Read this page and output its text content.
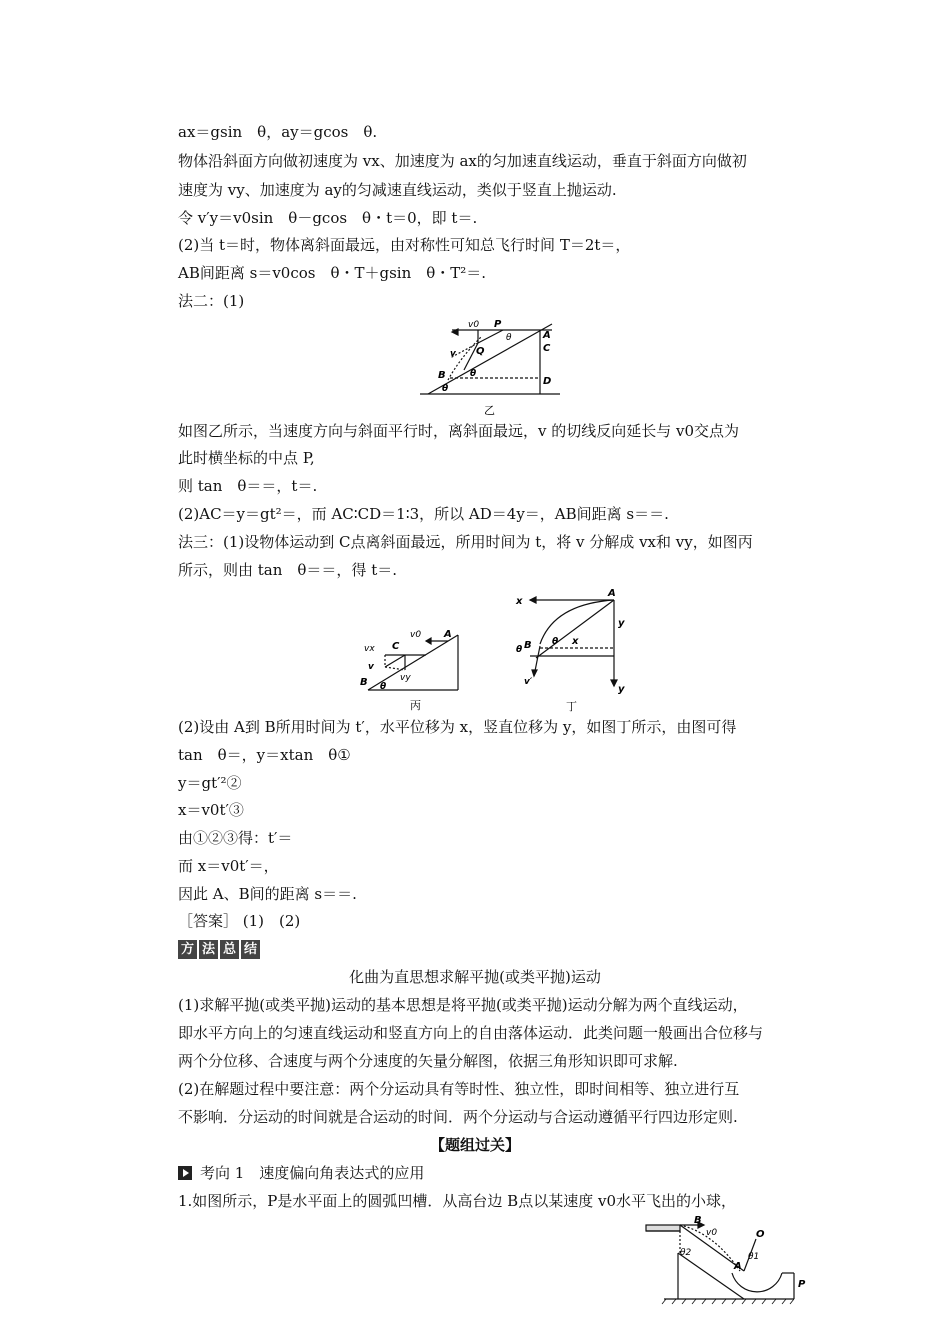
ax＝gsin　θ，ay＝gcos　θ.
物体沿斜面方向做初速度为 vx、加速度为 ax的匀加速直线运动，垂直于斜面方向做初
速度为 vy、加速度为 ay的匀减速直线运动，类似于竖直上抛运动.
令 v′y＝v0sin　θ－gcos　θ・t＝0，即 t＝.
(2)当 t＝时，物体离斜面最远，由对称性可知总飞行时间 T＝2t＝，
AB间距离 s＝v0cos　θ・T＋gsin　θ・T²＝.
法二：(1)
v0 P
θ	A
v Q	C
θ
B
D
θ
乙
如图乙所示，当速度方向与斜面平行时，离斜面最远，v 的切线反向延长与 v0交点为
此时横坐标的中点 P,
则 tan　θ＝＝，t＝.
(2)AC＝y＝gt²＝，而 AC∶CD＝1∶3，所以 AD＝4y＝，AB间距离 s＝＝.
法三：(1)设物体运动到 C点离斜面最远，所用时间为 t，将 v 分解成 vx和 vy，如图丙
所示，则由 tan　θ＝＝，得 t＝.
vx
v0
C
A
v
vy
B θ
丙
x
A
y
x
θ
θ B
v′
y
丁
(2)设由 A到 B所用时间为 t′，水平位移为 x，竖直位移为 y，如图丁所示，由图可得
tan　θ＝，y＝xtan　θ①
y＝gt′²②
x＝v0t′③
由①②③得：t′＝
而 x＝v0t′＝，
因此 A、B间的距离 s＝＝.
［答案］ (1)　(2)
方 法 总 结
化曲为直思想求解平抛(或类平抛)运动
(1)求解平抛(或类平抛)运动的基本思想是将平抛(或类平抛)运动分解为两个直线运动，
即水平方向上的匀速直线运动和竖直方向上的自由落体运动．此类问题一般画出合位移与
两个分位移、合速度与两个分速度的矢量分解图，依据三角形知识即可求解.
(2)在解题过程中要注意：两个分运动具有等时性、独立性，即时间相等、独立进行互
不影响．分运动的时间就是合运动的时间．两个分运动与合运动遵循平行四边形定则.
【题组过关】
考向 1　速度偏向角表达式的应用
1.如图所示，P是水平面上的圆弧凹槽．从高台边 B点以某速度 v0水平飞出的小球，
B
v0
θ2	θ1
O
A
P
